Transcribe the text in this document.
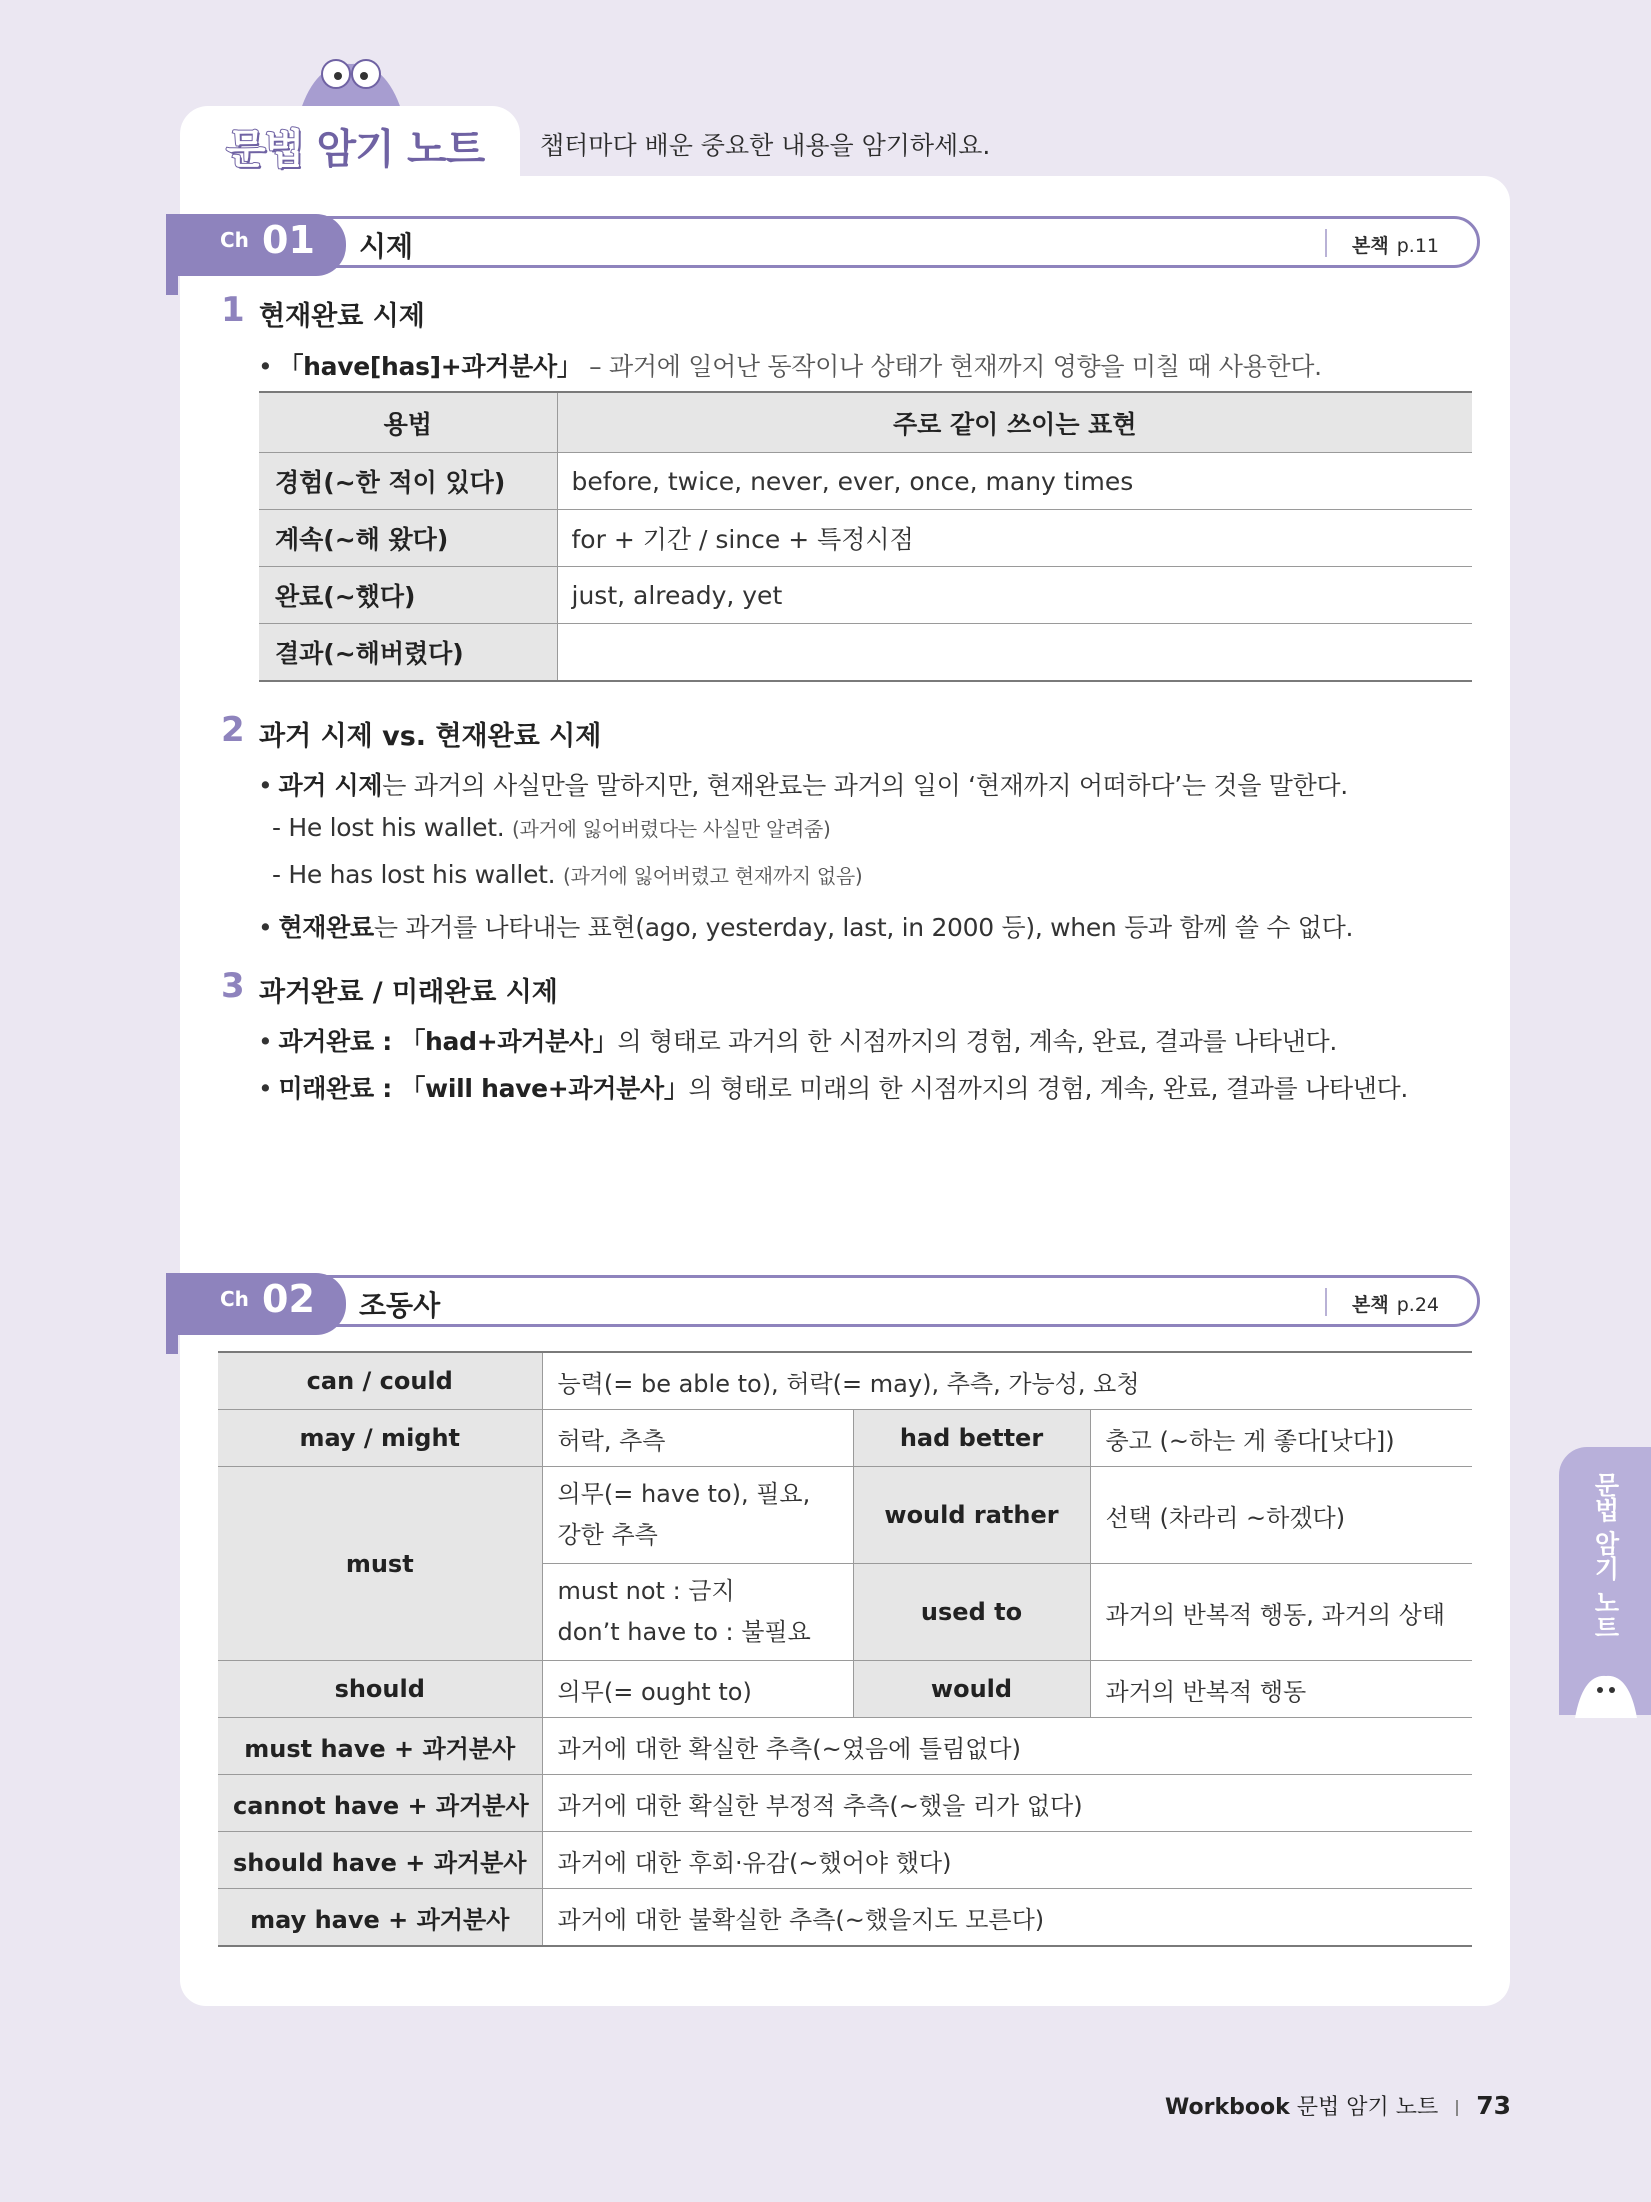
문법 암기 노트 챕터마다 배운 중요한 내용을 암기하세요.
Ch 01 시제	본책 p.11
1 현재완료 시제
• 「have[has]+과거분사」 – 과거에 일어난 동작이나 상태가 현재까지 영향을 미칠 때 사용한다.
용법	주로 같이 쓰이는 표현
경험(~한 적이 있다)	before, twice, never, ever, once, many times
계속(~해 왔다)	for + 기간 / since + 특정시점
완료(~했다)	just, already, yet
결과(~해버렸다)	
2 과거 시제 vs. 현재완료 시제
• 과거 시제는 과거의 사실만을 말하지만, 현재완료는 과거의 일이 ‘현재까지 어떠하다’는 것을 말한다.
- He lost his wallet. (과거에 잃어버렸다는 사실만 알려줌)
- He has lost his wallet. (과거에 잃어버렸고 현재까지 없음)
• 현재완료는 과거를 나타내는 표현(ago, yesterday, last, in 2000 등), when 등과 함께 쓸 수 없다.
3 과거완료 / 미래완료 시제
• 과거완료 : 「had+과거분사」의 형태로 과거의 한 시점까지의 경험, 계속, 완료, 결과를 나타낸다.
• 미래완료 : 「will have+과거분사」의 형태로 미래의 한 시점까지의 경험, 계속, 완료, 결과를 나타낸다.
Ch 02 조동사	본책 p.24
can / could	능력(= be able to), 허락(= may), 추측, 가능성, 요청		
may / might	허락, 추측	had better	충고 (~하는 게 좋다[낫다])
must	의무(= have to), 필요,
강한 추측	would rather	선택 (차라리 ~하겠다)
	must not : 금지
don’t have to : 불필요	used to	과거의 반복적 행동, 과거의 상태
should	의무(= ought to)	would	과거의 반복적 행동
must have + 과거분사	과거에 대한 확실한 추측(~였음에 틀림없다)		
cannot have + 과거분사	과거에 대한 확실한 부정적 추측(~했을 리가 없다)		
should have + 과거분사	과거에 대한 후회·유감(~했어야 했다)		
may have + 과거분사	과거에 대한 불확실한 추측(~했을지도 모른다)		
문법 암기 노트
Workbook 문법 암기 노트 73
